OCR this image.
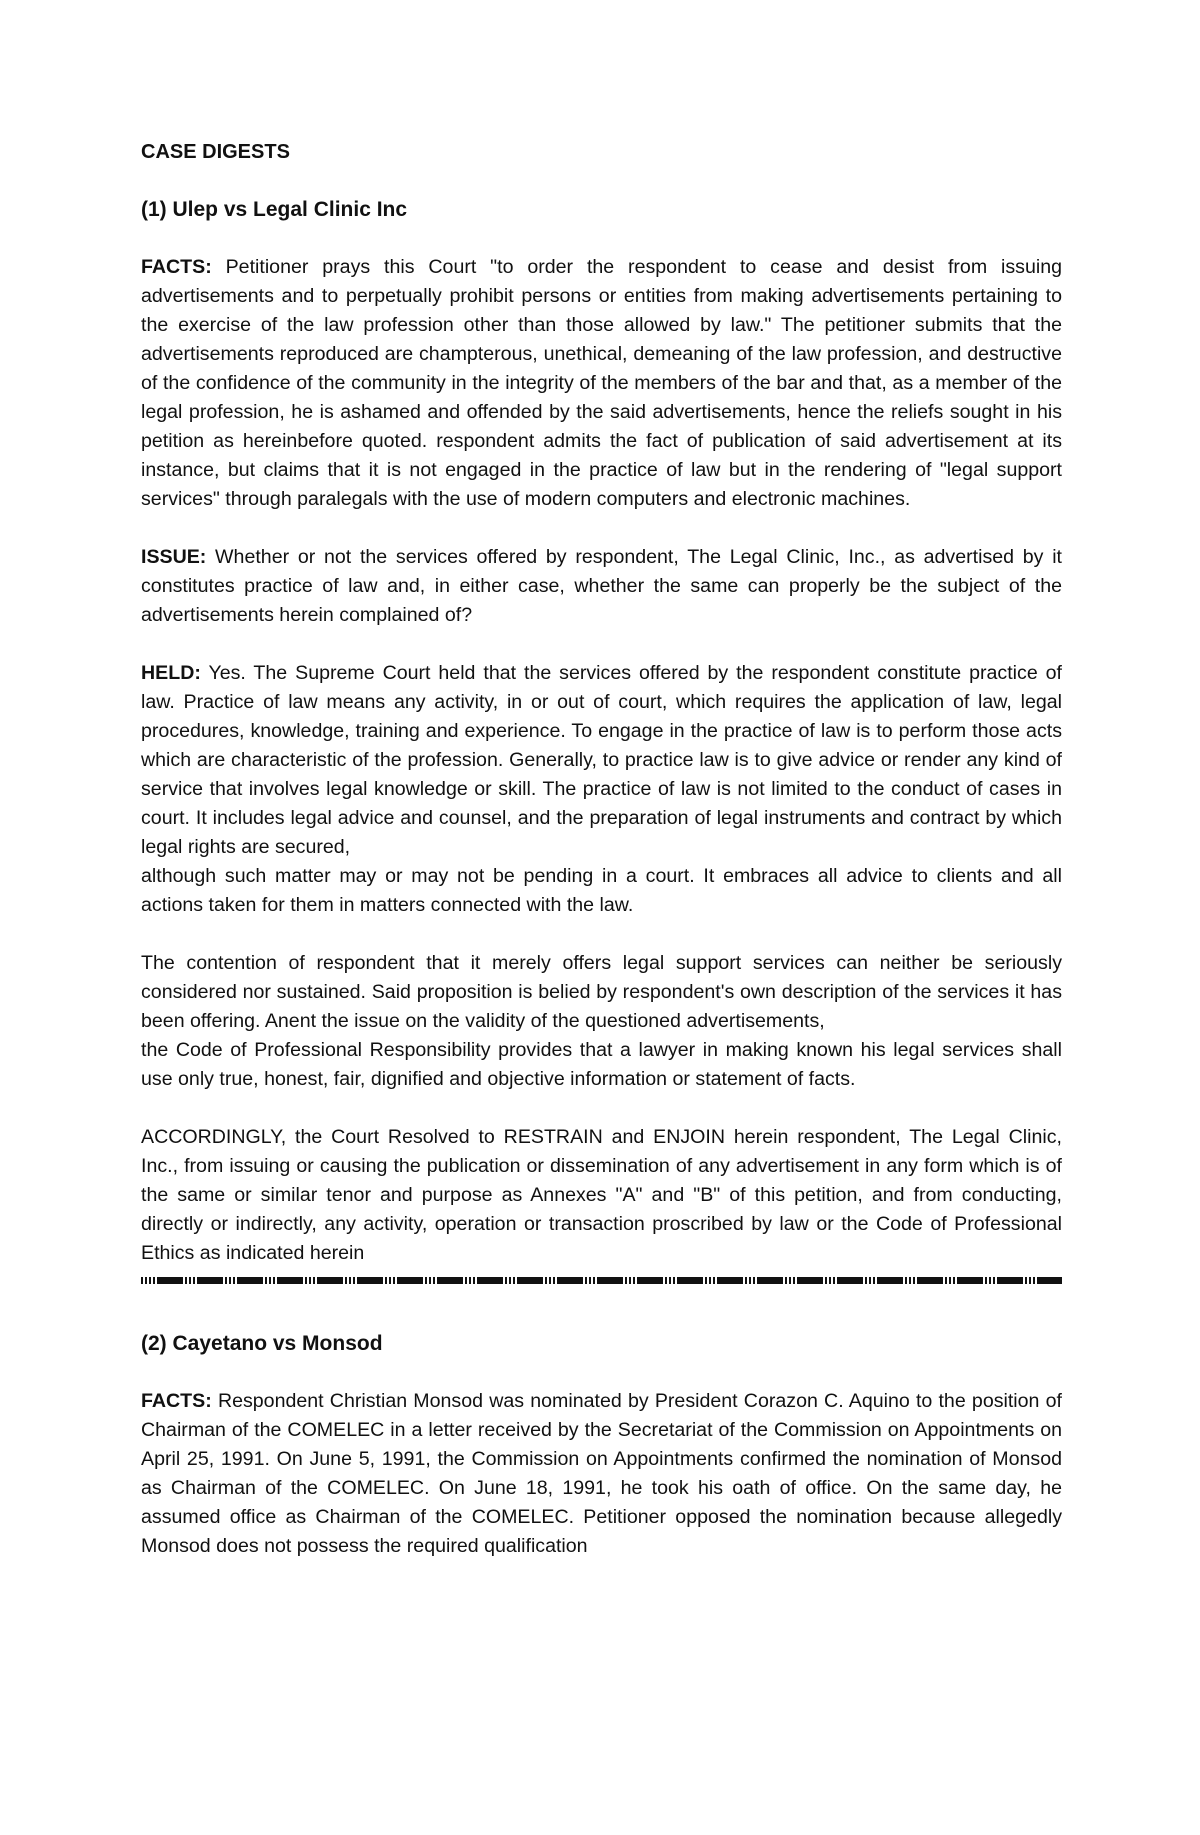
CASE DIGESTS
(1) Ulep vs Legal Clinic Inc

FACTS: Petitioner prays this Court "to order the respondent to cease and desist from issuing advertisements and to perpetually prohibit persons or entities from making advertisements pertaining to the exercise of the law profession other than those allowed by law." The petitioner submits that the advertisements reproduced are champterous, unethical, demeaning of the law profession, and destructive of the confidence of the community in the integrity of the members of the bar and that, as a member of the legal profession, he is ashamed and offended by the said advertisements, hence the reliefs sought in his petition as hereinbefore quoted. respondent admits the fact of publication of said advertisement at its instance, but claims that it is not engaged in the practice of law but in the rendering of "legal support services" through paralegals with the use of modern computers and electronic machines.

ISSUE: Whether or not the services offered by respondent, The Legal Clinic, Inc., as advertised by it constitutes practice of law and, in either case, whether the same can properly be the subject of the advertisements herein complained of?

HELD: Yes. The Supreme Court held that the services offered by the respondent constitute practice of law. Practice of law means any activity, in or out of court, which requires the application of law, legal procedures, knowledge, training and experience. To engage in the practice of law is to perform those acts which are characteristic of the profession. Generally, to practice law is to give advice or render any kind of service that involves legal knowledge or skill. The practice of law is not limited to the conduct of cases in court. It includes legal advice and counsel, and the preparation of legal instruments and contract by which legal rights are secured,

although such matter may or may not be pending in a court. It embraces all advice to clients and all actions taken for them in matters connected with the law.

The contention of respondent that it merely offers legal support services can neither be seriously considered nor sustained. Said proposition is belied by respondent's own description of the services it has been offering. Anent the issue on the validity of the questioned advertisements,

the Code of Professional Responsibility provides that a lawyer in making known his legal services shall use only true, honest, fair, dignified and objective information or statement of facts.

ACCORDINGLY, the Court Resolved to RESTRAIN and ENJOIN herein respondent, The Legal Clinic, Inc., from issuing or causing the publication or dissemination of any advertisement in any form which is of the same or similar tenor and purpose as Annexes "A" and "B" of this petition, and from conducting, directly or indirectly, any activity, operation or transaction proscribed by law or the Code of Professional Ethics as indicated herein

(2) Cayetano vs Monsod

FACTS: Respondent Christian Monsod was nominated by President Corazon C. Aquino to the position of Chairman of the COMELEC in a letter received by the Secretariat of the Commission on Appointments on April 25, 1991. On June 5, 1991, the Commission on Appointments confirmed the nomination of Monsod as Chairman of the COMELEC. On June 18, 1991, he took his oath of office. On the same day, he assumed office as Chairman of the COMELEC. Petitioner opposed the nomination because allegedly Monsod does not possess the required qualification
